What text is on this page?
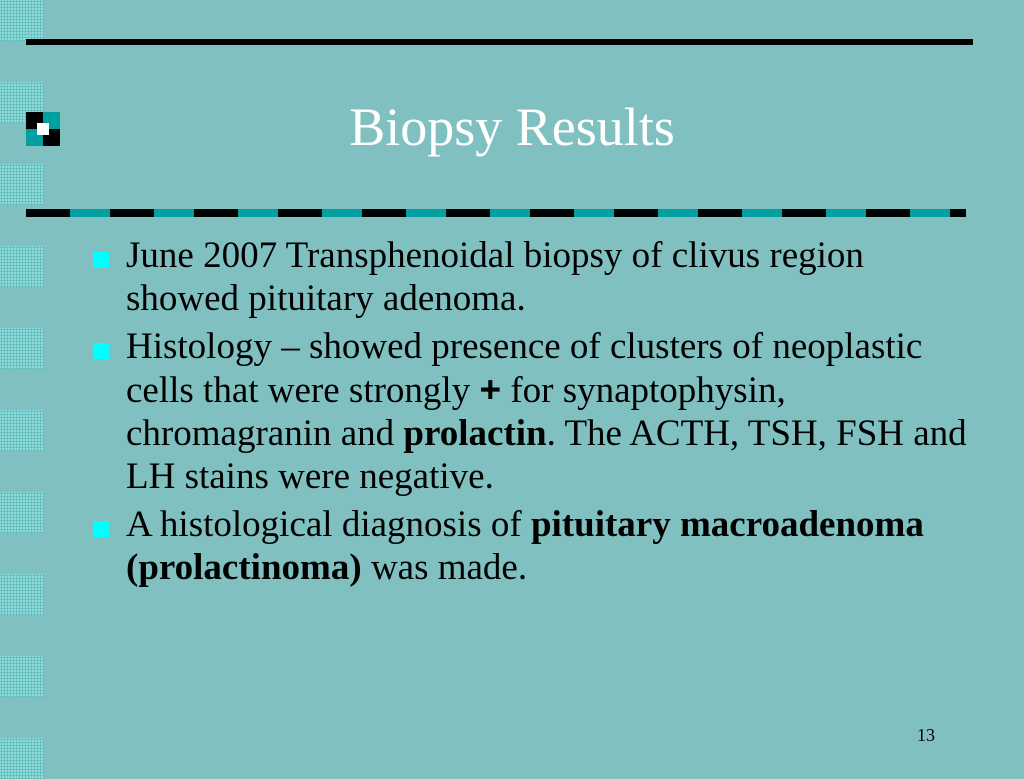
Biopsy Results
June 2007 Transphenoidal biopsy of clivus region showed pituitary adenoma.
Histology – showed presence of clusters of neoplastic cells that were strongly + for synaptophysin, chromagranin and prolactin. The ACTH, TSH, FSH and LH stains were negative.
A histological diagnosis of pituitary macroadenoma (prolactinoma) was made.
13
